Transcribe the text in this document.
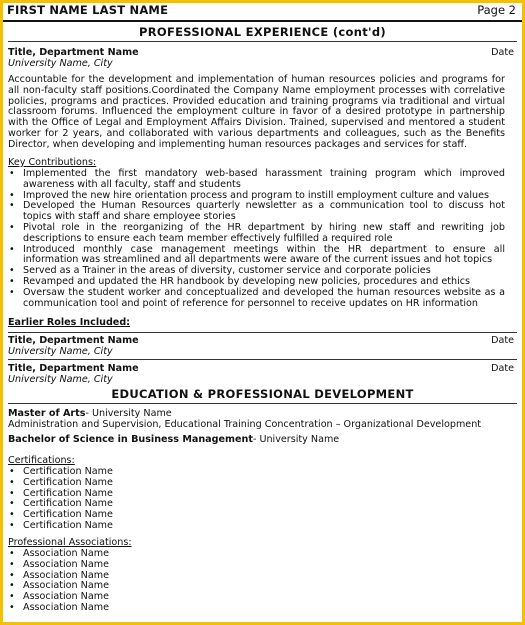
FIRST NAME LAST NAME	Page 2
PROFESSIONAL EXPERIENCE (cont'd)
Title, Department Name	Date
University Name, City
Accountable for the development and implementation of human resources policies and programs for all non-faculty staff positions.Coordinated the Company Name employment processes with correlative policies, programs and practices. Provided education and training programs via traditional and virtual classroom forums. Influenced the employment culture in favor of a desired prototype in partnership with the Office of Legal and Employment Affairs Division. Trained, supervised and mentored a student worker for 2 years, and collaborated with various departments and colleagues, such as the Benefits Director, when developing and implementing human resources packages and services for staff.
Key Contributions:
• Implemented the first mandatory web-based harassment training program which improved awareness with all faculty, staff and students
• Improved the new hire orientation process and program to instill employment culture and values
• Developed the Human Resources quarterly newsletter as a communication tool to discuss hot topics with staff and share employee stories
• Pivotal role in the reorganizing of the HR department by hiring new staff and rewriting job descriptions to ensure each team member effectively fulfilled a required role
• Introduced monthly case management meetings within the HR department to ensure all information was streamlined and all departments were aware of the current issues and hot topics
• Served as a Trainer in the areas of diversity, customer service and corporate policies
• Revamped and updated the HR handbook by developing new policies, procedures and ethics
• Oversaw the student worker and conceptualized and developed the human resources website as a communication tool and point of reference for personnel to receive updates on HR information
Earlier Roles Included:
Title, Department Name	Date
University Name, City
Title, Department Name	Date
University Name, City
EDUCATION & PROFESSIONAL DEVELOPMENT
Master of Arts- University Name
Administration and Supervision, Educational Training Concentration – Organizational Development
Bachelor of Science in Business Management- University Name
Certifications:
• Certification Name
• Certification Name
• Certification Name
• Certification Name
• Certification Name
• Certification Name
Professional Associations:
• Association Name
• Association Name
• Association Name
• Association Name
• Association Name
• Association Name
